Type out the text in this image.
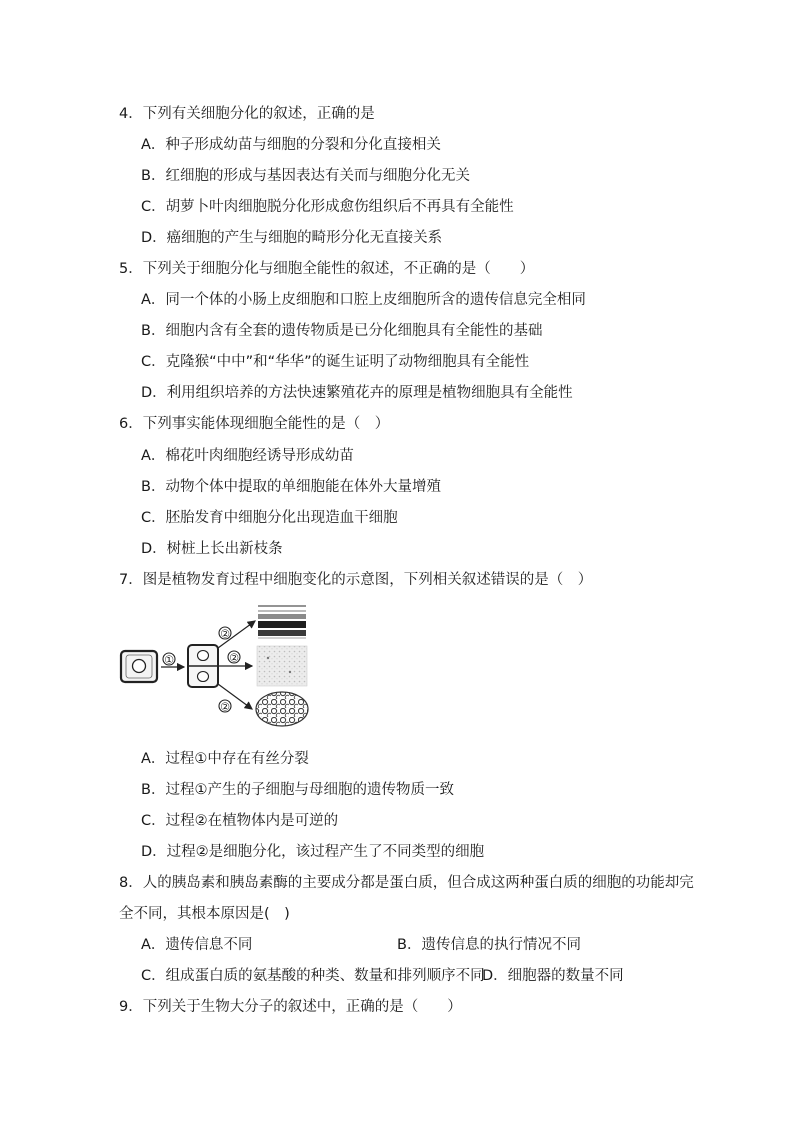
4．下列有关细胞分化的叙述，正确的是
A．种子形成幼苗与细胞的分裂和分化直接相关
B．红细胞的形成与基因表达有关而与细胞分化无关
C．胡萝卜叶肉细胞脱分化形成愈伤组织后不再具有全能性
D．癌细胞的产生与细胞的畸形分化无直接关系
5．下列关于细胞分化与细胞全能性的叙述，不正确的是（　　）
A．同一个体的小肠上皮细胞和口腔上皮细胞所含的遗传信息完全相同
B．细胞内含有全套的遗传物质是已分化细胞具有全能性的基础
C．克隆猴“中中”和“华华”的诞生证明了动物细胞具有全能性
D．利用组织培养的方法快速繁殖花卉的原理是植物细胞具有全能性
6．下列事实能体现细胞全能性的是（　）
A．棉花叶肉细胞经诱导形成幼苗
B．动物个体中提取的单细胞能在体外大量增殖
C．胚胎发育中细胞分化出现造血干细胞
D．树桩上长出新枝条
7．图是植物发育过程中细胞变化的示意图，下列相关叙述错误的是（　）
①
②
②
②
A．过程①中存在有丝分裂
B．过程①产生的子细胞与母细胞的遗传物质一致
C．过程②在植物体内是可逆的
D．过程②是细胞分化，该过程产生了不同类型的细胞
8．人的胰岛素和胰岛素酶的主要成分都是蛋白质，但合成这两种蛋白质的细胞的功能却完
全不同，其根本原因是(　)
A．遗传信息不同	B．遗传信息的执行情况不同
C．组成蛋白质的氨基酸的种类、数量和排列顺序不同
D．细胞器的数量不同
9．下列关于生物大分子的叙述中，正确的是（　　）
